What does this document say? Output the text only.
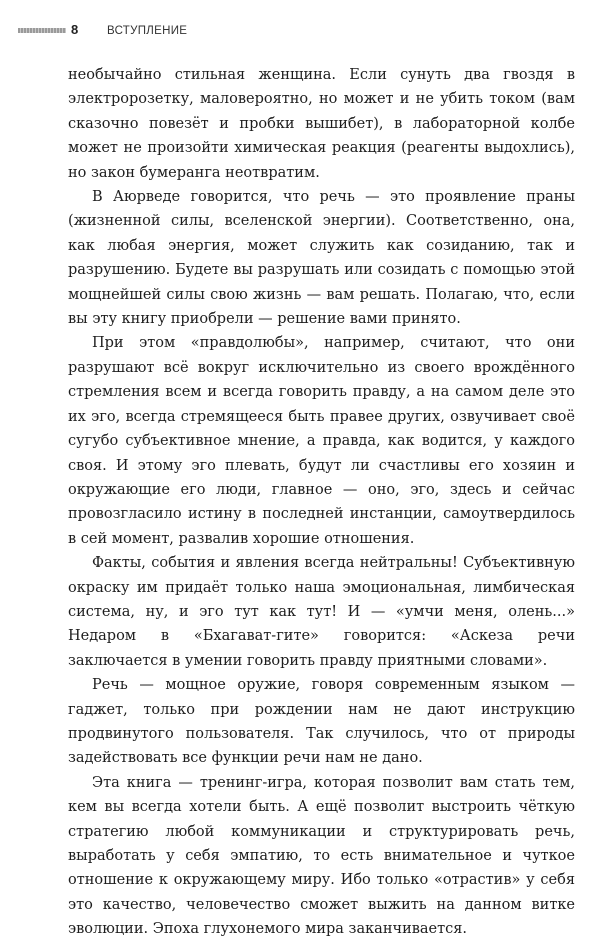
8	ВСТУПЛЕНИЕ

необычайно стильная женщина. Если сунуть два гвоздя в электророзетку, маловероятно, но может и не убить током (вам сказочно повезёт и пробки вышибет), в лабораторной колбе может не произойти химическая реакция (реагенты выдохлись), но закон бумеранга неотвратим.

В Аюрведе говорится, что речь — это проявление праны (жизненной силы, вселенской энергии). Соответственно, она, как любая энергия, может служить как созиданию, так и разрушению. Будете вы разрушать или созидать с помощью этой мощнейшей силы свою жизнь — вам решать. Полагаю, что, если вы эту книгу приобрели — решение вами принято.

При этом «правдолюбы», например, считают, что они разрушают всё вокруг исключительно из своего врождённого стремления всем и всегда говорить правду, а на самом деле это их эго, всегда стремящееся быть правее других, озвучивает своё сугубо субъективное мнение, а правда, как водится, у каждого своя. И этому эго плевать, будут ли счастливы его хозяин и окружающие его люди, главное — оно, эго, здесь и сейчас провозгласило истину в последней инстанции, самоутвердилось в сей момент, развалив хорошие отношения.

Факты, события и явления всегда нейтральны! Субъективную окраску им придаёт только наша эмоциональная, лимбическая система, ну, и эго тут как тут! И — «умчи меня, олень...» Недаром в «Бхагават-гите» говорится: «Аскеза речи заключается в умении говорить правду приятными словами».

Речь — мощное оружие, говоря современным языком — гаджет, только при рождении нам не дают инструкцию продвинутого пользователя. Так случилось, что от природы задействовать все функции речи нам не дано.

Эта книга — тренинг-игра, которая позволит вам стать тем, кем вы всегда хотели быть. А ещё позволит выстроить чёткую стратегию любой коммуникации и структурировать речь, выработать у себя эмпатию, то есть внимательное и чуткое отношение к окружающему миру. Ибо только «отрастив» у себя это качество, человечество сможет выжить на данном витке эволюции. Эпоха глухонемого мира заканчивается.
